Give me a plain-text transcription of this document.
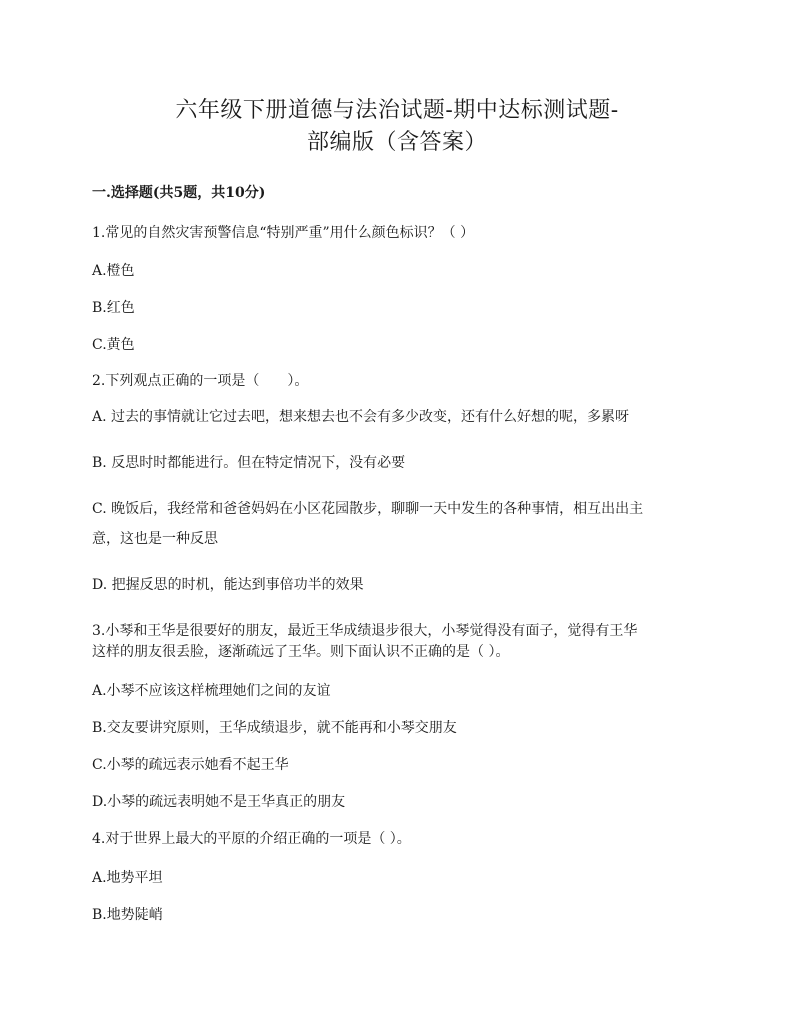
六年级下册道德与法治试题-期中达标测试题-
部编版（含答案）
一.选择题(共5题，共10分)
1.常见的自然灾害预警信息“特别严重”用什么颜色标识？（ ）
A.橙色
B.红色
C.黄色
2.下列观点正确的一项是（　　）。
A. 过去的事情就让它过去吧，想来想去也不会有多少改变，还有什么好想的呢，多累呀
B. 反思时时都能进行。但在特定情况下，没有必要
C. 晚饭后，我经常和爸爸妈妈在小区花园散步，聊聊一天中发生的各种事情，相互出出主
意，这也是一种反思
D. 把握反思的时机，能达到事倍功半的效果
3.小琴和王华是很要好的朋友，最近王华成绩退步很大，小琴觉得没有面子，觉得有王华
这样的朋友很丢脸，逐渐疏远了王华。则下面认识不正确的是（ ）。
A.小琴不应该这样梳理她们之间的友谊
B.交友要讲究原则，王华成绩退步，就不能再和小琴交朋友
C.小琴的疏远表示她看不起王华
D.小琴的疏远表明她不是王华真正的朋友
4.对于世界上最大的平原的介绍正确的一项是（ ）。
A.地势平坦
B.地势陡峭
